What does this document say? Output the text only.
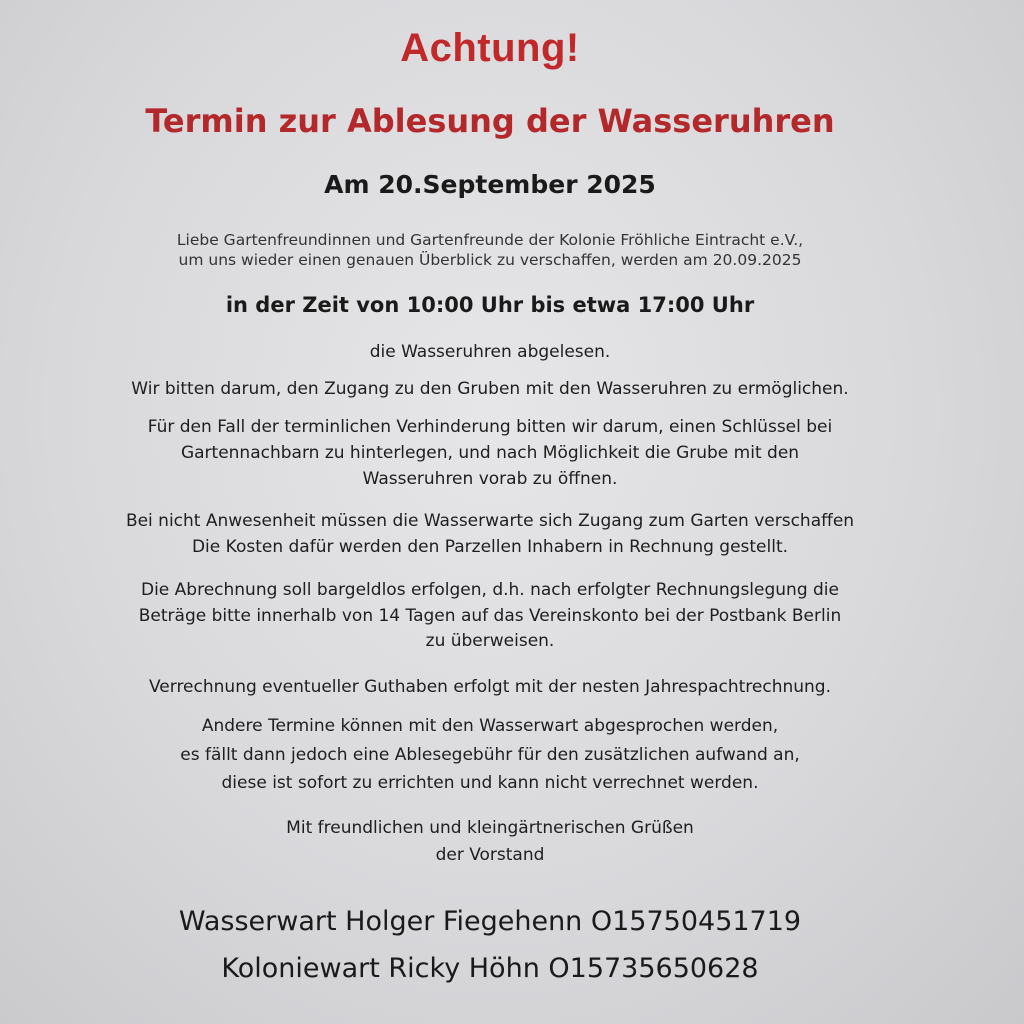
Achtung!
Termin zur Ablesung der Wasseruhren
Am 20.September 2025
Liebe Gartenfreundinnen und Gartenfreunde der Kolonie Fröhliche Eintracht e.V.,
um uns wieder einen genauen Überblick zu verschaffen, werden am 20.09.2025
in der Zeit von 10:00 Uhr bis etwa 17:00 Uhr
die Wasseruhren abgelesen.
Wir bitten darum, den Zugang zu den Gruben mit den Wasseruhren zu ermöglichen.
Für den Fall der terminlichen Verhinderung bitten wir darum, einen Schlüssel bei
Gartennachbarn zu hinterlegen, und nach Möglichkeit die Grube mit den
Wasseruhren vorab zu öffnen.
Bei nicht Anwesenheit müssen die Wasserwarte sich Zugang zum Garten verschaffen
Die Kosten dafür werden den Parzellen Inhabern in Rechnung gestellt.
Die Abrechnung soll bargeldlos erfolgen, d.h. nach erfolgter Rechnungslegung die
Beträge bitte innerhalb von 14 Tagen auf das Vereinskonto bei der Postbank Berlin
zu überweisen.
Verrechnung eventueller Guthaben erfolgt mit der nesten Jahrespachtrechnung.
Andere Termine können mit den Wasserwart abgesprochen werden,
es fällt dann jedoch eine Ablesegebühr für den zusätzlichen aufwand an,
diese ist sofort zu errichten und kann nicht verrechnet werden.
Mit freundlichen und kleingärtnerischen Grüßen
der Vorstand
Wasserwart Holger Fiegehenn O15750451719
Koloniewart Ricky Höhn O15735650628
